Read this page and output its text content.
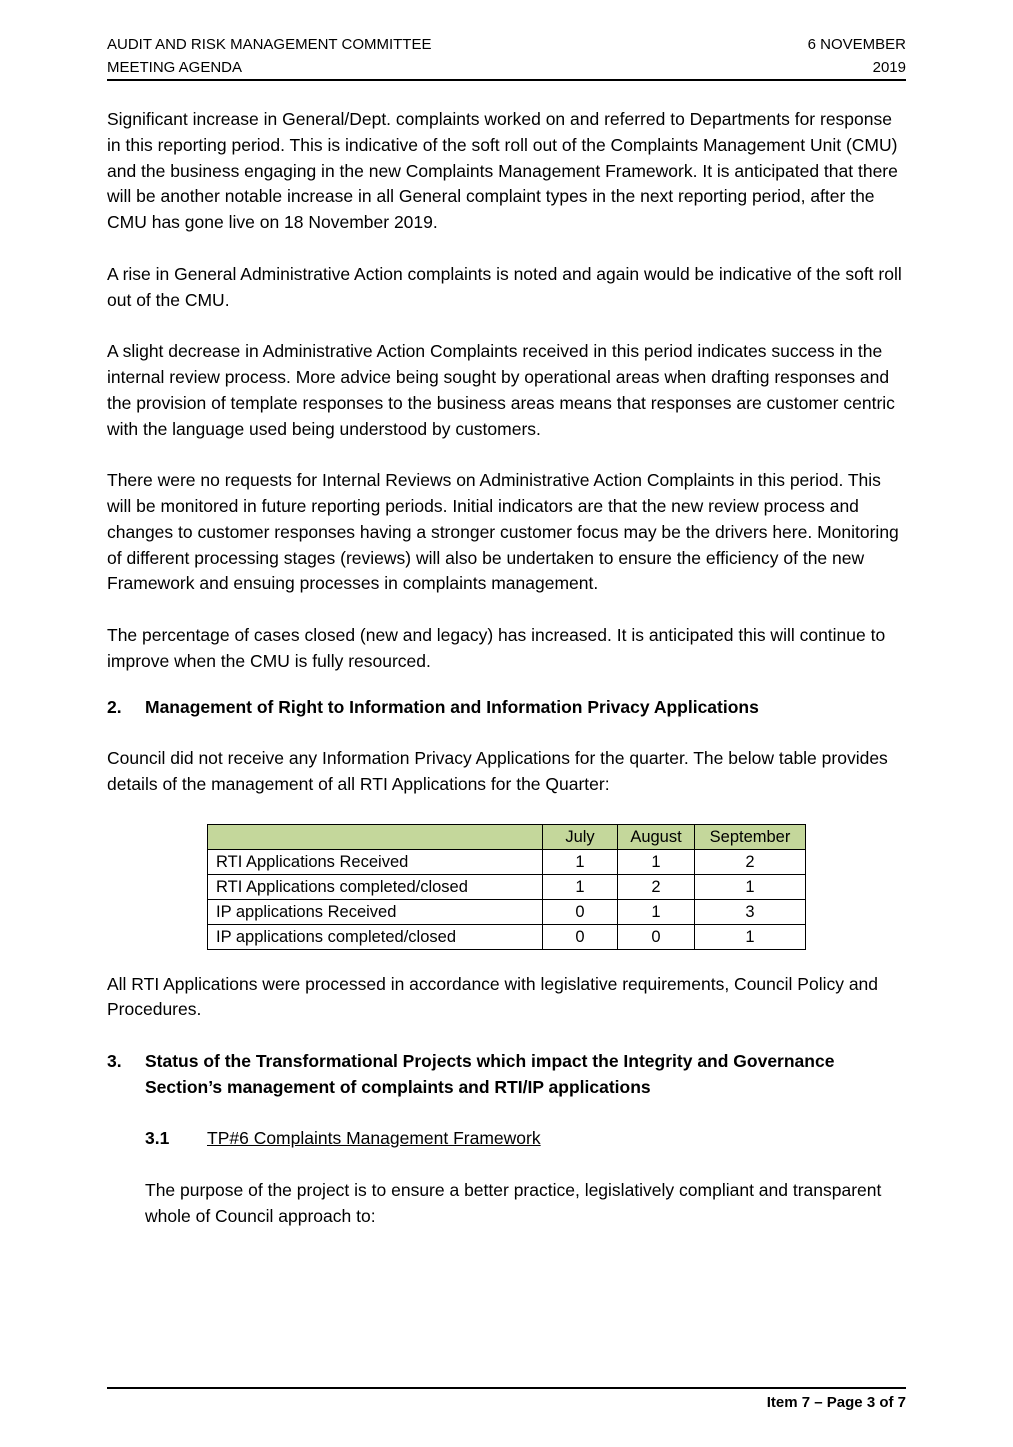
AUDIT AND RISK MANAGEMENT COMMITTEE	6 NOVEMBER
MEETING AGENDA	2019

Significant increase in General/Dept. complaints worked on and referred to Departments for response in this reporting period. This is indicative of the soft roll out of the Complaints Management Unit (CMU) and the business engaging in the new Complaints Management Framework. It is anticipated that there will be another notable increase in all General complaint types in the next reporting period, after the CMU has gone live on 18 November 2019.

A rise in General Administrative Action complaints is noted and again would be indicative of the soft roll out of the CMU.

A slight decrease in Administrative Action Complaints received in this period indicates success in the internal review process. More advice being sought by operational areas when drafting responses and the provision of template responses to the business areas means that responses are customer centric with the language used being understood by customers.

There were no requests for Internal Reviews on Administrative Action Complaints in this period. This will be monitored in future reporting periods. Initial indicators are that the new review process and changes to customer responses having a stronger customer focus may be the drivers here. Monitoring of different processing stages (reviews) will also be undertaken to ensure the efficiency of the new Framework and ensuing processes in complaints management.

The percentage of cases closed (new and legacy) has increased. It is anticipated this will continue to improve when the CMU is fully resourced.

2.	Management of Right to Information and Information Privacy Applications

Council did not receive any Information Privacy Applications for the quarter. The below table provides details of the management of all RTI Applications for the Quarter:

	July	August	September
RTI Applications Received	1	1	2
RTI Applications completed/closed	1	2	1
IP applications Received	0	1	3
IP applications completed/closed	0	0	1

All RTI Applications were processed in accordance with legislative requirements, Council Policy and Procedures.

3.	Status of the Transformational Projects which impact the Integrity and Governance Section’s management of complaints and RTI/IP applications
3.1	TP#6 Complaints Management Framework

The purpose of the project is to ensure a better practice, legislatively compliant and transparent whole of Council approach to:

Item 7 – Page 3 of 7
